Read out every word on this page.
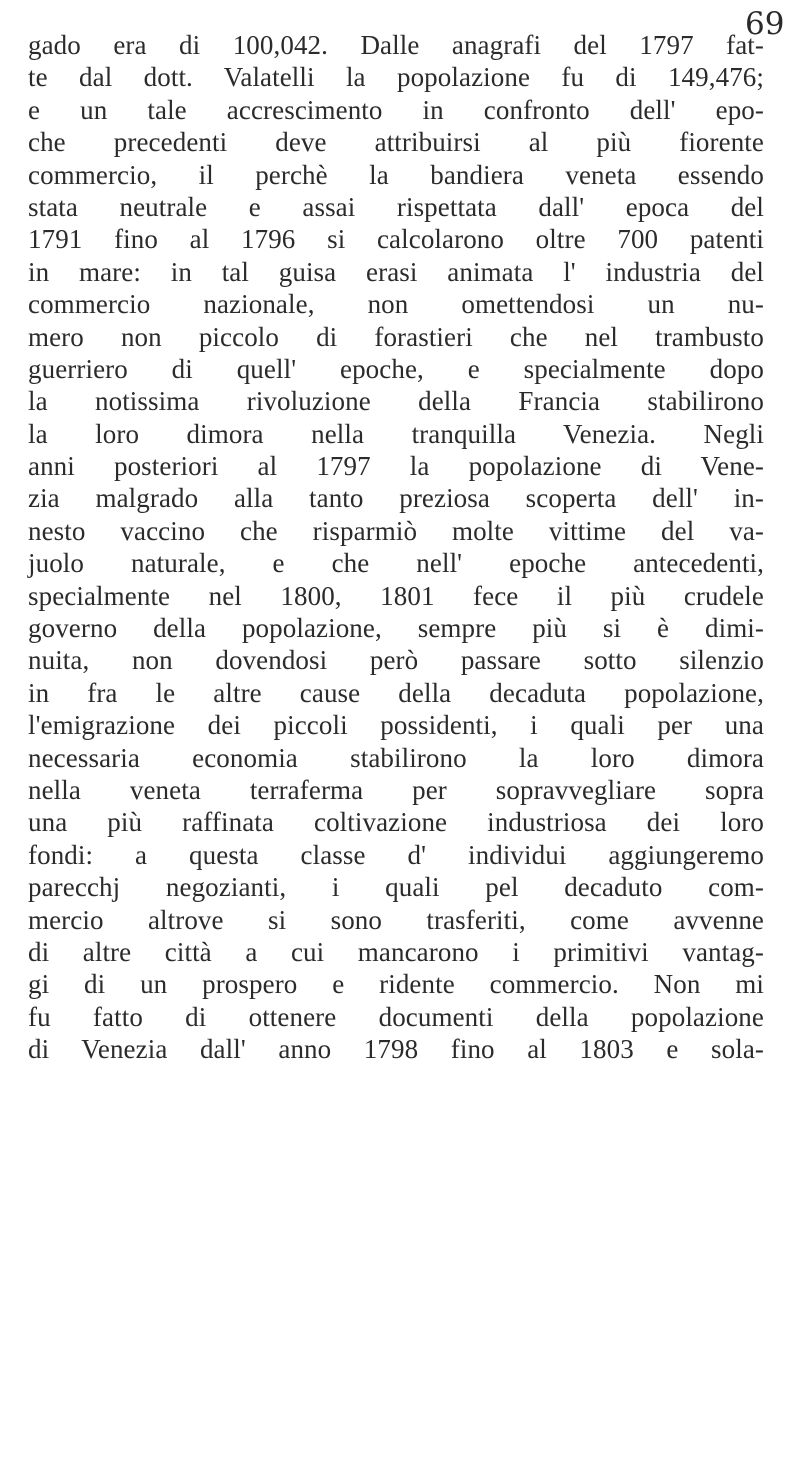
69
gado era di 100,042. Dalle anagrafi del 1797 fat-
te dal dott. Valatelli la popolazione fu di 149,476;
e un tale accrescimento in confronto dell' epo-
che precedenti deve attribuirsi al più fiorente
commercio, il perchè la bandiera veneta essendo
stata neutrale e assai rispettata dall' epoca del
1791 fino al 1796 si calcolarono oltre 700 patenti
in mare: in tal guisa erasi animata l' industria del
commercio nazionale, non omettendosi un nu-
mero non piccolo di forastieri che nel trambusto
guerriero di quell' epoche, e specialmente dopo
la notissima rivoluzione della Francia stabilirono
la loro dimora nella tranquilla Venezia. Negli
anni posteriori al 1797 la popolazione di Vene-
zia malgrado alla tanto preziosa scoperta dell' in-
nesto vaccino che risparmiò molte vittime del va-
juolo naturale, e che nell' epoche antecedenti,
specialmente nel 1800, 1801 fece il più crudele
governo della popolazione, sempre più si è dimi-
nuita, non dovendosi però passare sotto silenzio
in fra le altre cause della decaduta popolazione,
l'emigrazione dei piccoli possidenti, i quali per una
necessaria economia stabilirono la loro dimora
nella veneta terraferma per sopravvegliare sopra
una più raffinata coltivazione industriosa dei loro
fondi: a questa classe d' individui aggiungeremo
parecchj negozianti, i quali pel decaduto com-
mercio altrove si sono trasferiti, come avvenne
di altre città a cui mancarono i primitivi vantag-
gi di un prospero e ridente commercio. Non mi
fu fatto di ottenere documenti della popolazione
di Venezia dall' anno 1798 fino al 1803 e sola-
